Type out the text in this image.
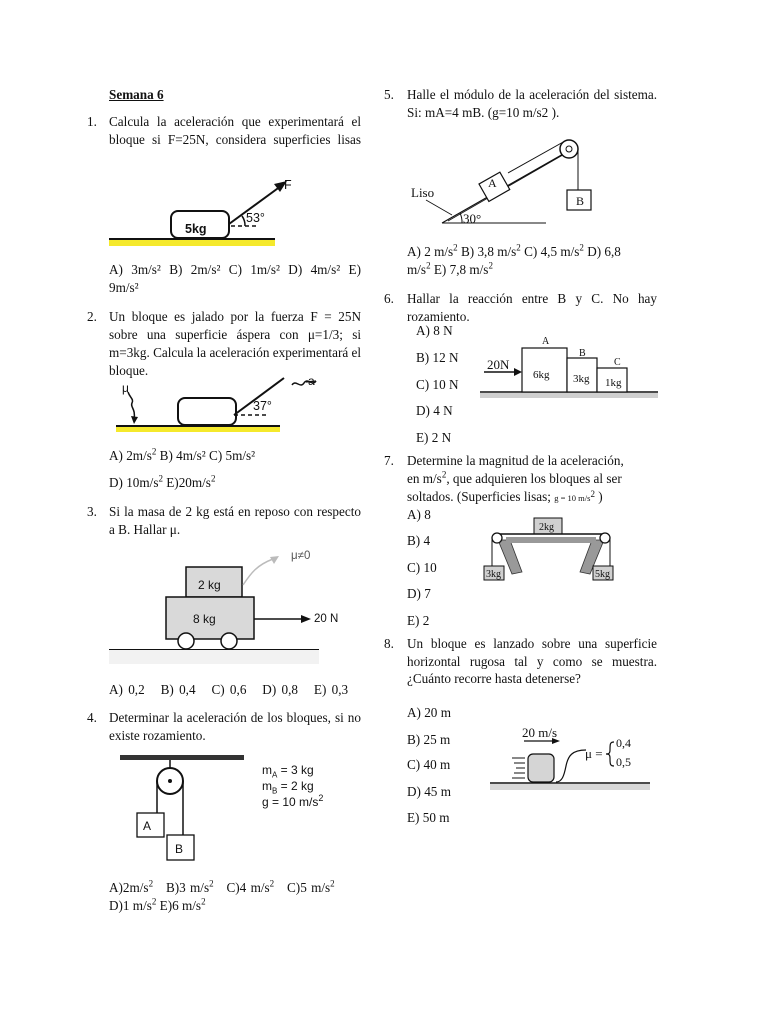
Semana 6
1. Calcula la aceleración que experimentará el bloque si F=25N, considera superficies lisas
5kg
F
53°
A) 3m/s² B) 2m/s² C) 1m/s² D) 4m/s² E)
9m/s²
2. Un bloque es jalado por la fuerza F = 25N sobre una superficie áspera con μ=1/3; si m=3kg. Calcula la aceleración experimentará el bloque.
μ	a
37°
A) $2m/s^2$ B) 4m/s² C) 5m/s²
D) $10m/s^2$ $E)20m/s^2$
3. Si la masa de 2 kg está en reposo con respecto a B. Hallar μ.
2 kg
8 kg	20 N
μ≠0
A) 0,2   B) 0,4   C) 0,6   D) 0,8   E) 0,3
4. Determinar la aceleración de los bloques, si no existe rozamiento.
A
B
$m_A = 3$ kg
$m_B = 2$ kg
g = 10 $m/s^2$
$A)2m/s^2$ B)3 $m/s^2$ C)4 $m/s^2$ C)5 $m/s^2$
D)1 $m/s^2$ E)6 $m/s^2$
5. Halle el módulo de la aceleración del sistema. Si: mA=4 mB. (g=10 m/s2 ).
A
B
Liso
30°
A) 2 $m/s^2$ B) 3,8 $m/s^2$ C) 4,5 $m/s^2$ D) 6,8
$m/s^2$ E) 7,8 $m/s^2$
6. Hallar la reacción entre B y C. No hay rozamiento.
A) 8 N
B) 12 N
C) 10 N
D) 4 N
E) 2 N
20N
A
B
C
6kg 3kg 1kg
7. Determine la magnitud de la aceleración,
en $m/s^2$, que adquieren los bloques al ser
soltados. (Superficies lisas; g = 10 $m/s^2$ )
A) 8
B) 4
C) 10
D) 7
E) 2
2kg
3kg	5kg
8. Un bloque es lanzado sobre una superficie horizontal rugosa tal y como se muestra. ¿Cuánto recorre hasta detenerse?
A) 20 m
B) 25 m
C) 40 m
D) 45 m
E) 50 m
20 m/s
μ =
0,4
0,5
